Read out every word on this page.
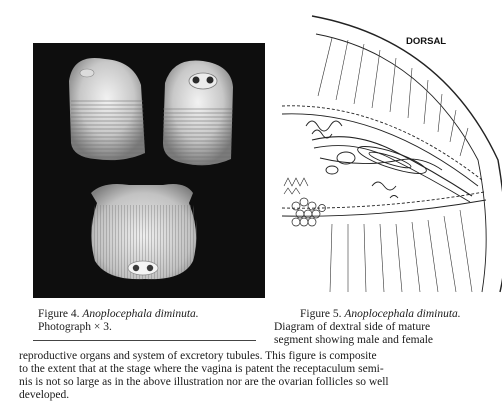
DORSAL
Figure 4. Anoplocephala diminuta.
Photograph × 3.
Figure 5. Anoplocephala diminuta.
Diagram of dextral side of mature
segment showing male and female
reproductive organs and system of excretory tubules. This figure is composite
to the extent that at the stage where the vagina is patent the receptaculum semi-
nis is not so large as in the above illustration nor are the ovarian follicles so well
developed.
